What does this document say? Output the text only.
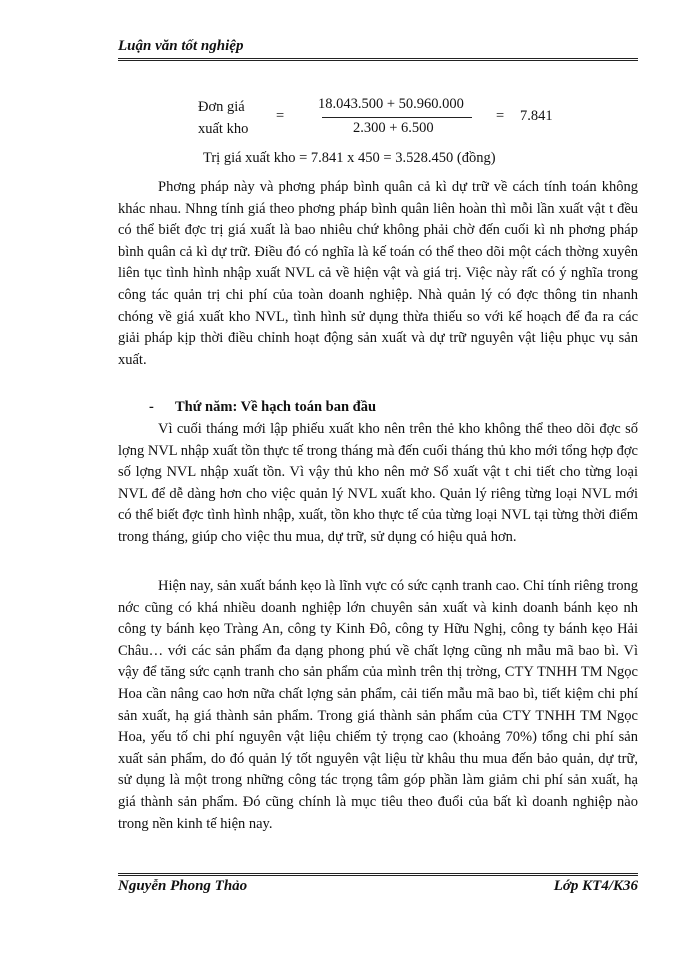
Luận văn tốt nghiệp
Đơn giá
xuất kho
=
18.043.500 + 50.960.000
2.300 + 6.500
= 7.841
Trị giá xuất kho = 7.841 x 450 = 3.528.450 (đồng)

Phơng pháp này và phơng pháp bình quân cả kì dự trữ về cách tính toán không khác nhau. Nhng tính giá theo phơng pháp bình quân liên hoàn thì mỗi lần xuất vật t đều có thể biết đợc trị giá xuất là bao nhiêu chứ không phải chờ đến cuối kì nh phơng pháp bình quân cả kì dự trữ. Điều đó có nghĩa là kế toán có thể theo dõi một cách thờng xuyên liên tục tình hình nhập xuất NVL cả về hiện vật và giá trị. Việc này rất có ý nghĩa trong công tác quản trị chi phí của toàn doanh nghiệp. Nhà quản lý có đợc thông tin nhanh chóng về giá xuất kho NVL, tình hình sử dụng thừa thiếu so với kế hoạch để đa ra các giải pháp kịp thời điều chỉnh hoạt động sản xuất và dự trữ nguyên vật liệu phục vụ sản xuất.

- Thứ năm: Về hạch toán ban đầu

Vì cuối tháng mới lập phiếu xuất kho nên trên thẻ kho không thể theo dõi đợc số lợng NVL nhập xuất tồn thực tế trong tháng mà đến cuối tháng thủ kho mới tổng hợp đợc số lợng NVL nhập xuất tồn. Vì vậy thủ kho nên mở Sổ xuất vật t chi tiết cho từng loại NVL để dễ dàng hơn cho việc quản lý NVL xuất kho. Quản lý riêng từng loại NVL mới có thể biết đợc tình hình nhập, xuất, tồn kho thực tế của từng loại NVL tại từng thời điểm trong tháng, giúp cho việc thu mua, dự trữ, sử dụng có hiệu quả hơn.

Hiện nay, sản xuất bánh kẹo là lĩnh vực có sức cạnh tranh cao. Chỉ tính riêng trong nớc cũng có khá nhiều doanh nghiệp lớn chuyên sản xuất và kinh doanh bánh kẹo nh công ty bánh kẹo Tràng An, công ty Kinh Đô, công ty Hữu Nghị, công ty bánh kẹo Hải Châu… với các sản phẩm đa dạng phong phú về chất lợng cũng nh mẫu mã bao bì. Vì vậy để tăng sức cạnh tranh cho sản phẩm của mình trên thị trờng, CTY TNHH TM Ngọc Hoa cần nâng cao hơn nữa chất lợng sản phẩm, cải tiến mẫu mã bao bì, tiết kiệm chi phí sản xuất, hạ giá thành sản phẩm. Trong giá thành sản phẩm của CTY TNHH TM Ngọc Hoa, yếu tố chi phí nguyên vật liệu chiếm tỷ trọng cao (khoảng 70%) tổng chi phí sản xuất sản phẩm, do đó quản lý tốt nguyên vật liệu từ khâu thu mua đến bảo quản, dự trữ, sử dụng là một trong những công tác trọng tâm góp phần làm giảm chi phí sản xuất, hạ giá thành sản phẩm. Đó cũng chính là mục tiêu theo đuổi của bất kì doanh nghiệp nào trong nền kinh tế hiện nay.

Nguyễn Phong Thảo	Lớp KT4/K36
